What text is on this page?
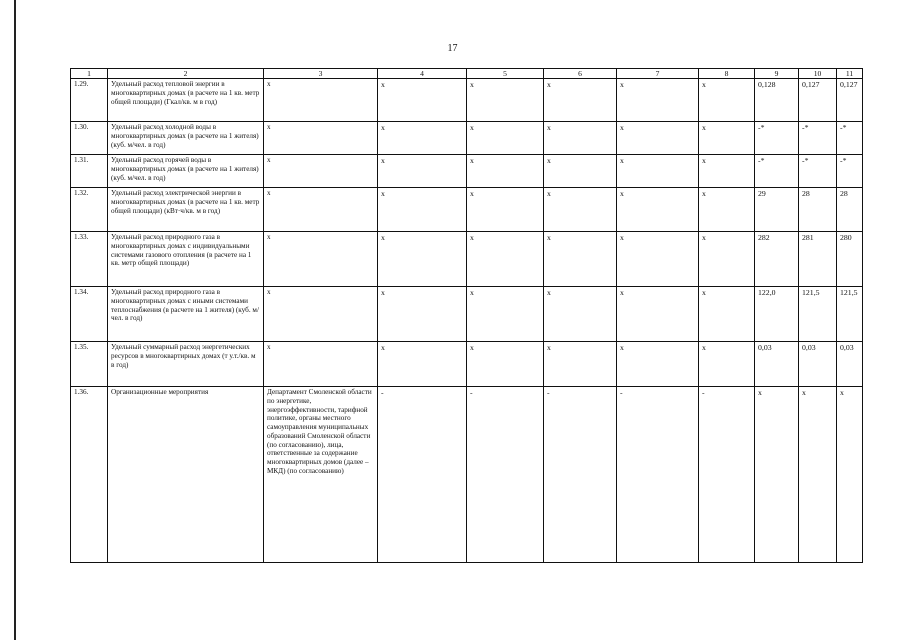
17
1	2	3	4	5	6	7	8	9	10	11
1.29.	Удельный расход тепловой энергии в многоквартирных домах (в расчете на 1 кв. метр общей площади) (Гкал/кв. м в год)	х	х	х	х	х	х	0,128	0,127	0,127
1.30.	Удельный расход холодной воды в многоквартирных домах (в расчете на 1 жителя) (куб. м/чел. в год)	х	х	х	х	х	х	-*	-*	-*
1.31.	Удельный расход горячей воды в многоквартирных домах (в расчете на 1 жителя) (куб. м/чел. в год)	х	х	х	х	х	х	-*	-*	-*
1.32.	Удельный расход электрической энергии в многоквартирных домах (в расчете на 1 кв. метр общей площади) (кВт·ч/кв. м в год)	х	х	х	х	х	х	29	28	28
1.33.	Удельный расход природного газа в многоквартирных домах с индивидуальными системами газового отопления (в расчете на 1 кв. метр общей площади)	х	х	х	х	х	х	282	281	280
1.34.	Удельный расход природного газа в многоквартирных домах с иными системами теплоснабжения (в расчете на 1 жителя) (куб. м/чел. в год)	х	х	х	х	х	х	122,0	121,5	121,5
1.35.	Удельный суммарный расход энергетических ресурсов в многоквартирных домах (т у.т./кв. м в год)	х	х	х	х	х	х	0,03	0,03	0,03
1.36.	Организационные мероприятия	Департамент Смоленской области по энергетике, энергоэффективности, тарифной политике, органы местного самоуправления муниципальных образований Смоленской области (по согласованию), лица, ответственные за содержание многоквартирных домов (далее – МКД) (по согласованию)	-	-	-	-	-	х	х	х
